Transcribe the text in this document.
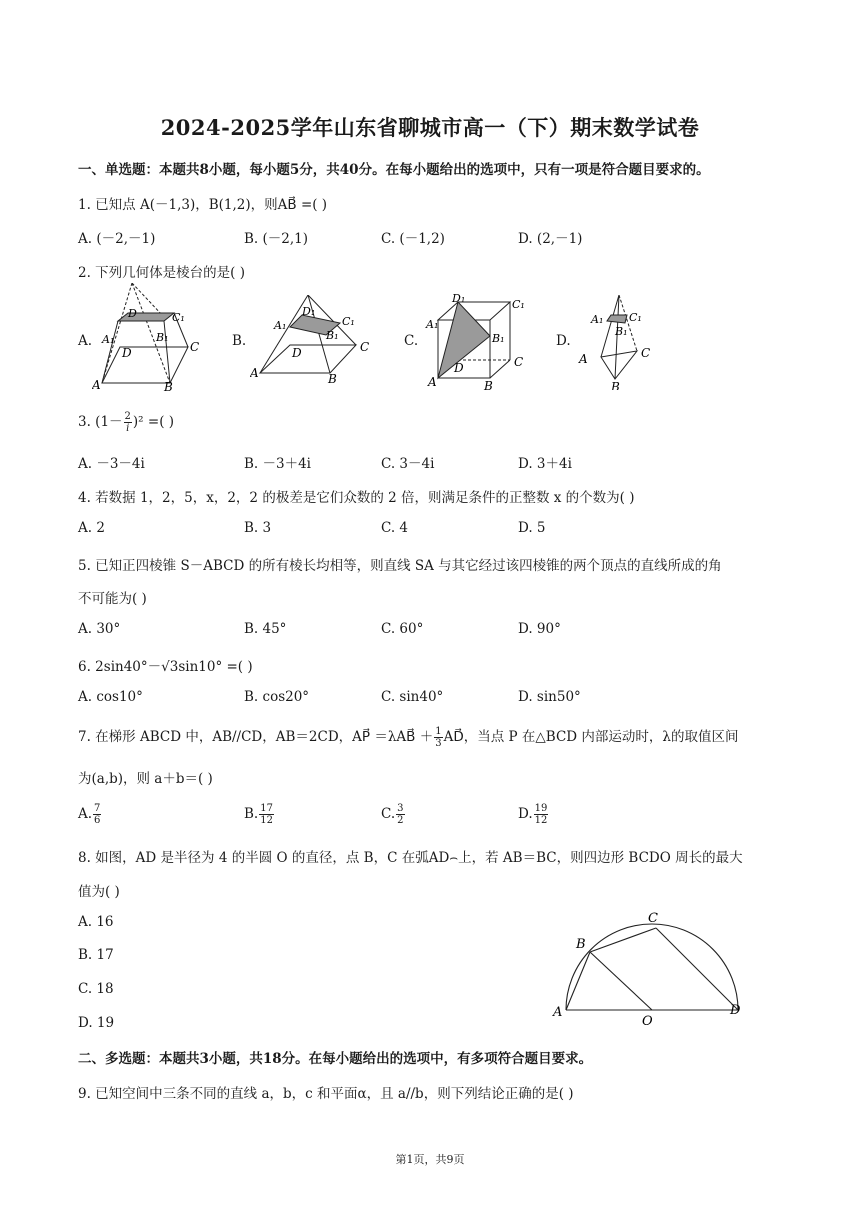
2024-2025学年山东省聊城市高一（下）期末数学试卷
一、单选题：本题共8小题，每小题5分，共40分。在每小题给出的选项中，只有一项是符合题目要求的。
1. 已知点 A(－1,3)，B(1,2)，则AB⃗ =( )
A. (－2,－1)	B. (－2,1)	C. (－1,2)	D. (2,－1)
2. 下列几何体是棱台的是( )
A.	B.	C.	D.
A	B
C
D
A₁	B₁
C₁
D
A	B
C
D
A₁
B₁
C₁
D₁
A	B
C
D
A₁
B₁
C₁
D₁
A
B
C
A₁
B₁
C₁
3. $(1- \frac{2}{i} )^2$ =( )
A. －3－4i	B. －3＋4i	C. 3－4i	D. 3＋4i
4. 若数据 1，2，5，x，2，2 的极差是它们众数的 2 倍，则满足条件的正整数 x 的个数为( )
A. 2	B. 3	C. 4	D. 5
5. 已知正四棱锥 S－ABCD 的所有棱长均相等，则直线 SA 与其它经过该四棱锥的两个顶点的直线所成的角
不可能为( )
A. 30°	B. 45°	C. 60°	D. 90°
6. 2sin40°－√3sin10° =( )
A. cos10°	B. cos20°	C. sin40°	D. sin50°
7. 在梯形 ABCD 中，AB//CD，AB＝2CD，AP⃗ ＝λAB⃗ ＋ $\frac{1}{3}$ AD⃗，当点 P 在△BCD 内部运动时，λ的取值区间
为(a,b)，则 a＋b＝( )
A. $\frac{7}{6}$	B. $\frac{17}{12}$	C. $\frac{3}{2}$	D. $\frac{19}{12}$
8. 如图，AD 是半径为 4 的半圆 O 的直径，点 B，C 在弧AD⌢上，若 AB＝BC，则四边形 BCDO 周长的最大
值为( )
A. 16
B. 17
C. 18
D. 19
A
B
C
D
O
二、多选题：本题共3小题，共18分。在每小题给出的选项中，有多项符合题目要求。
9. 已知空间中三条不同的直线 a，b，c 和平面α，且 a//b，则下列结论正确的是( )
第1页，共9页
